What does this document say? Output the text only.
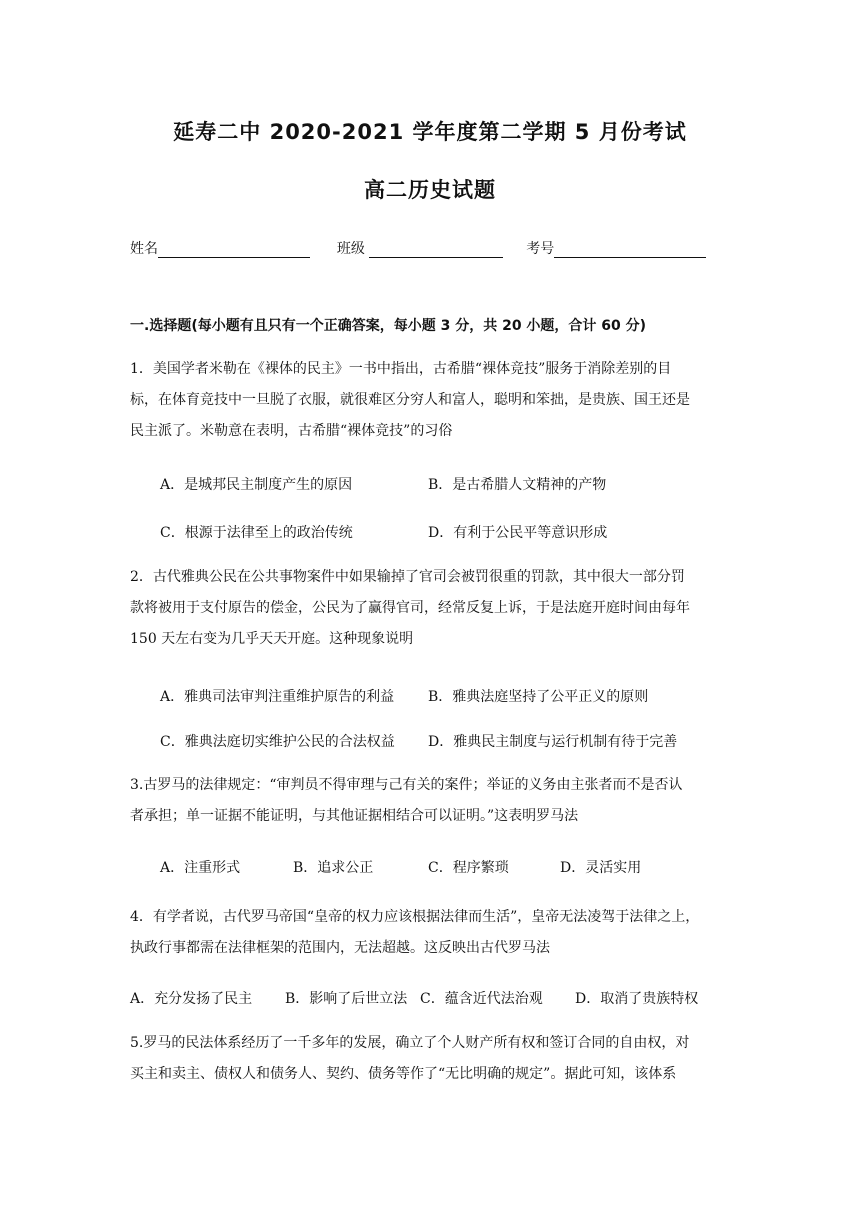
延寿二中 2020-2021 学年度第二学期 5 月份考试
高二历史试题
姓名	班级	考号
一.选择题(每小题有且只有一个正确答案，每小题 3 分，共 20 小题，合计 60 分)
1．美国学者米勒在《裸体的民主》一书中指出，古希腊“裸体竞技”服务于消除差别的目
标，在体育竞技中一旦脱了衣服，就很难区分穷人和富人，聪明和笨拙，是贵族、国王还是
民主派了。米勒意在表明，古希腊“裸体竞技”的习俗
A．是城邦民主制度产生的原因	B．是古希腊人文精神的产物
C．根源于法律至上的政治传统	D．有利于公民平等意识形成
2．古代雅典公民在公共事物案件中如果输掉了官司会被罚很重的罚款，其中很大一部分罚
款将被用于支付原告的偿金，公民为了赢得官司，经常反复上诉，于是法庭开庭时间由每年
150 天左右变为几乎天天开庭。这种现象说明
A．雅典司法审判注重维护原告的利益 B．雅典法庭坚持了公平正义的原则
C．雅典法庭切实维护公民的合法权益 D．雅典民主制度与运行机制有待于完善
3.古罗马的法律规定：“审判员不得审理与己有关的案件；举证的义务由主张者而不是否认
者承担；单一证据不能证明，与其他证据相结合可以证明。”这表明罗马法
A．注重形式	B．追求公正	C．程序繁琐	D．灵活实用
4．有学者说，古代罗马帝国“皇帝的权力应该根据法律而生活”，皇帝无法凌驾于法律之上，
执政行事都需在法律框架的范围内，无法超越。这反映出古代罗马法
A．充分发扬了民主 B．影响了后世立法 C．蕴含近代法治观 D．取消了贵族特权
5.罗马的民法体系经历了一千多年的发展，确立了个人财产所有权和签订合同的自由权，对
买主和卖主、债权人和债务人、契约、债务等作了“无比明确的规定”。据此可知，该体系
